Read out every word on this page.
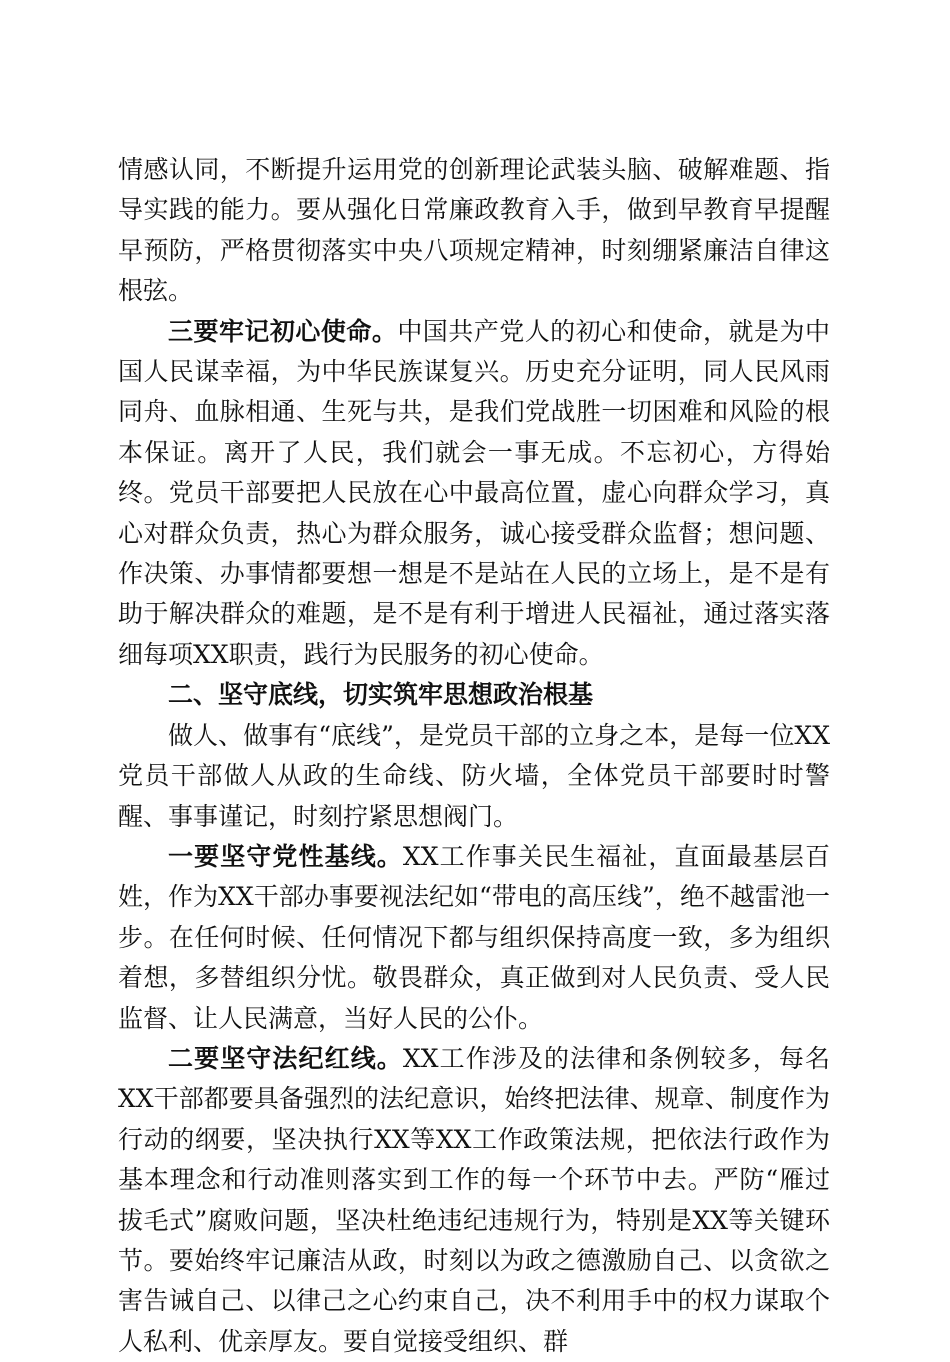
情感认同，不断提升运用党的创新理论武装头脑、破解难题、指导实践的能力。要从强化日常廉政教育入手，做到早教育早提醒早预防，严格贯彻落实中央八项规定精神，时刻绷紧廉洁自律这根弦。

三要牢记初心使命。中国共产党人的初心和使命，就是为中国人民谋幸福，为中华民族谋复兴。历史充分证明，同人民风雨同舟、血脉相通、生死与共，是我们党战胜一切困难和风险的根本保证。离开了人民，我们就会一事无成。不忘初心，方得始终。党员干部要把人民放在心中最高位置，虚心向群众学习，真心对群众负责，热心为群众服务，诚心接受群众监督；想问题、作决策、办事情都要想一想是不是站在人民的立场上，是不是有助于解决群众的难题，是不是有利于增进人民福祉，通过落实落细每项XX职责，践行为民服务的初心使命。

二、坚守底线，切实筑牢思想政治根基

做人、做事有“底线”，是党员干部的立身之本，是每一位XX党员干部做人从政的生命线、防火墙，全体党员干部要时时警醒、事事谨记，时刻拧紧思想阀门。

一要坚守党性基线。XX工作事关民生福祉，直面最基层百姓，作为XX干部办事要视法纪如“带电的高压线”，绝不越雷池一步。在任何时候、任何情况下都与组织保持高度一致，多为组织着想，多替组织分忧。敬畏群众，真正做到对人民负责、受人民监督、让人民满意，当好人民的公仆。

二要坚守法纪红线。XX工作涉及的法律和条例较多，每名XX干部都要具备强烈的法纪意识，始终把法律、规章、制度作为行动的纲要，坚决执行XX等XX工作政策法规，把依法行政作为基本理念和行动准则落实到工作的每一个环节中去。严防“雁过拔毛式”腐败问题，坚决杜绝违纪违规行为，特别是XX等关键环节。要始终牢记廉洁从政，时刻以为政之德激励自己、以贪欲之害告诫自己、以律己之心约束自己，决不利用手中的权力谋取个人私利、优亲厚友。要自觉接受组织、群
